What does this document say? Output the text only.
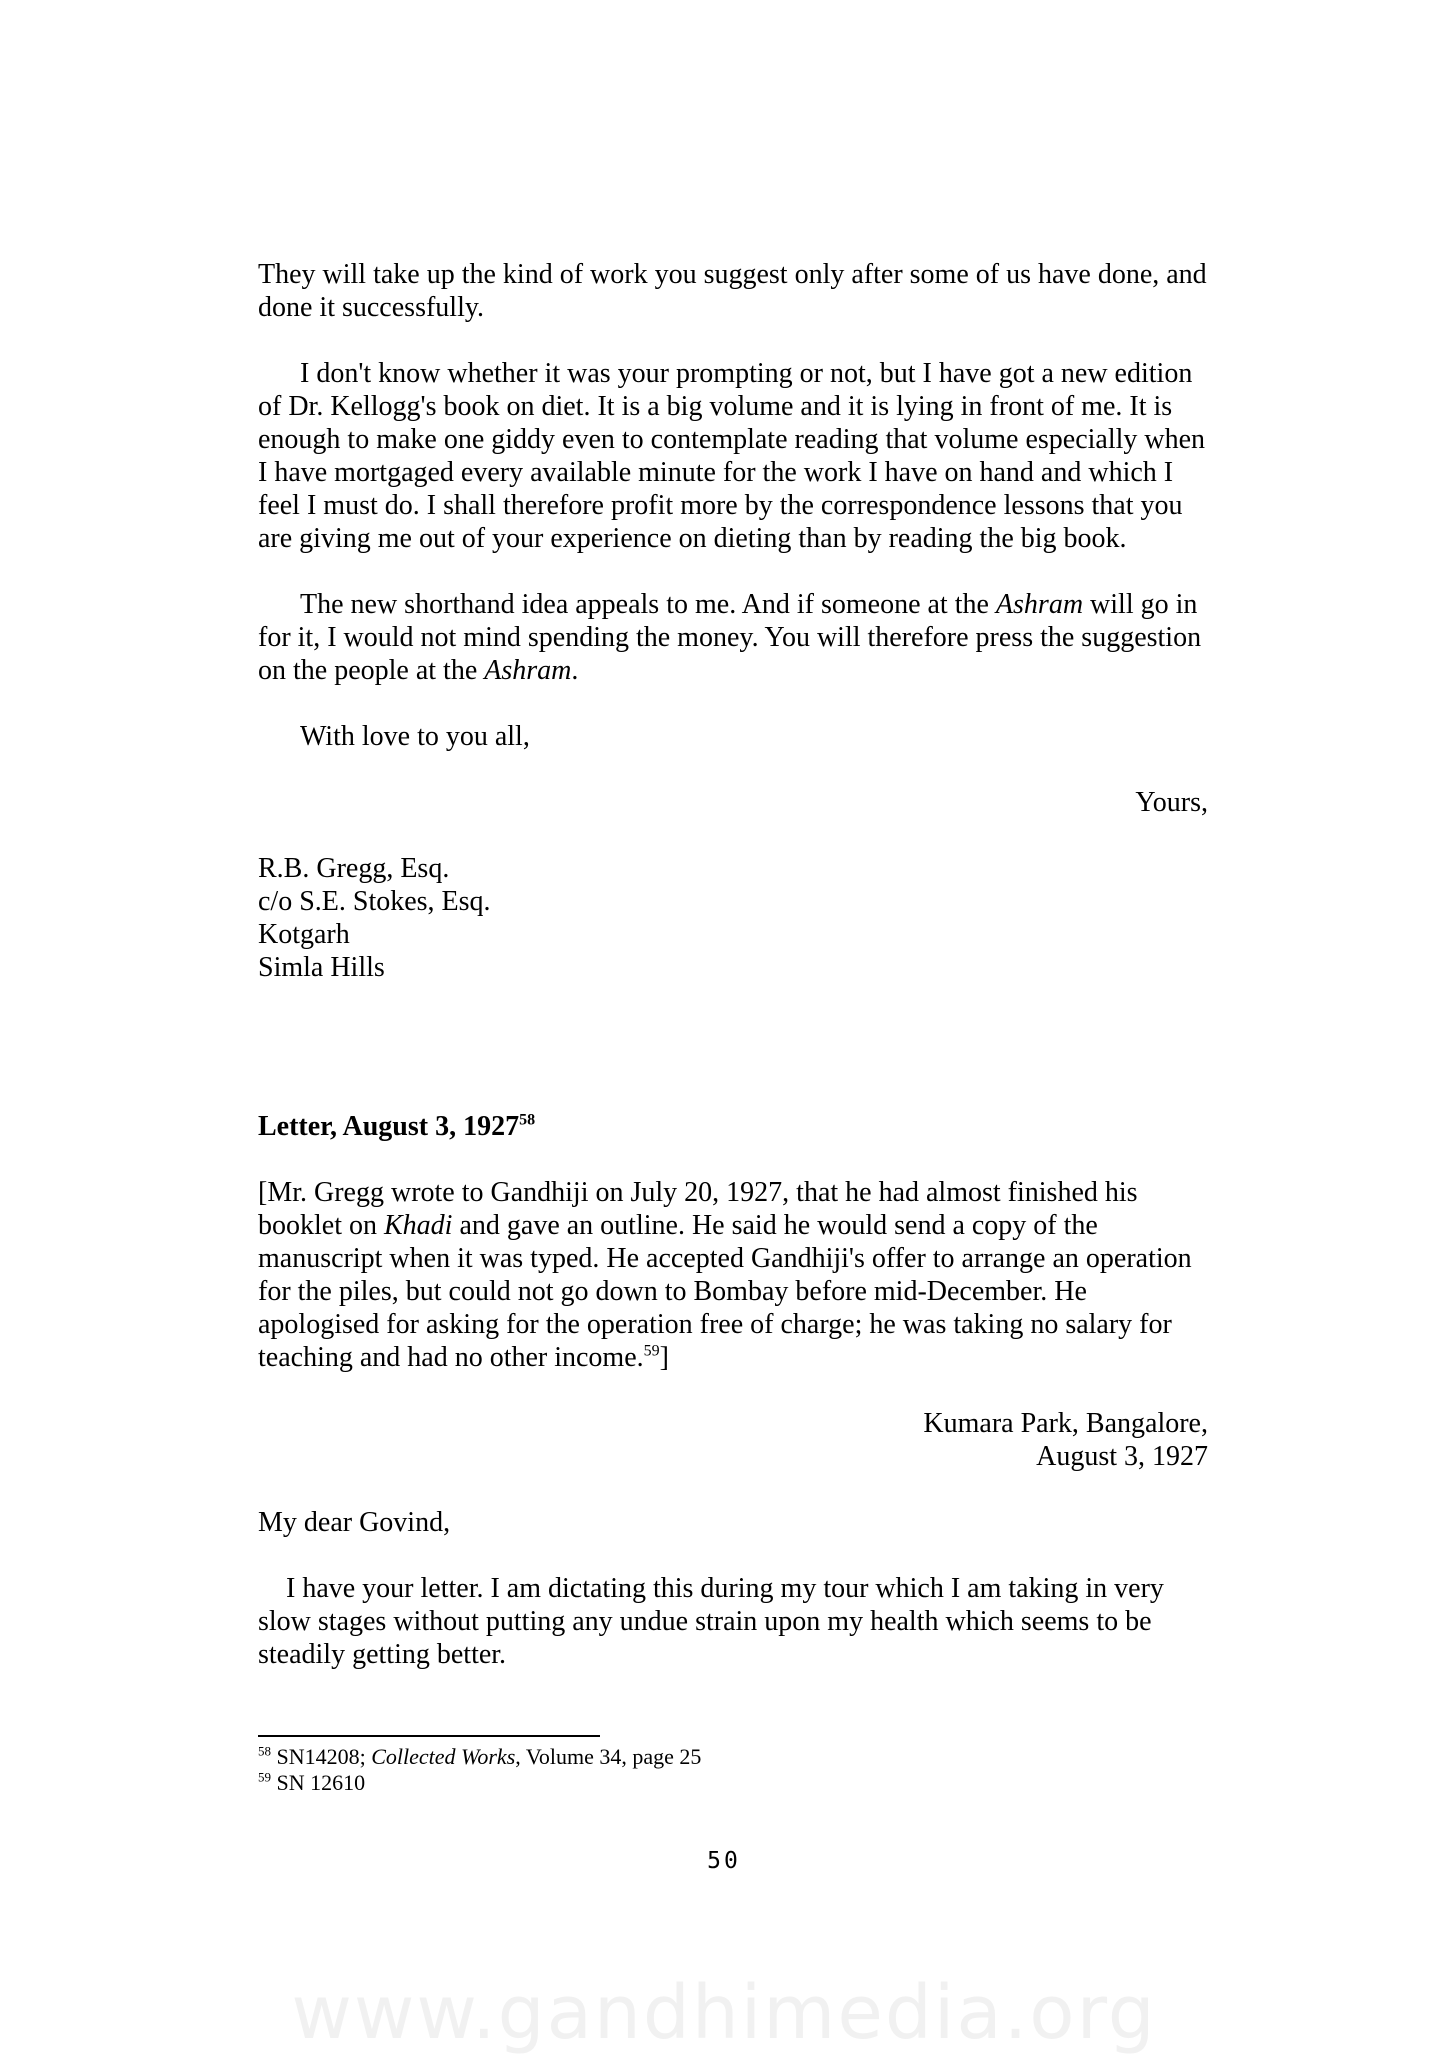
They will take up the kind of work you suggest only after some of us have done, and done it successfully.

I don't know whether it was your prompting or not, but I have got a new edition of Dr. Kellogg's book on diet. It is a big volume and it is lying in front of me. It is enough to make one giddy even to contemplate reading that volume especially when I have mortgaged every available minute for the work I have on hand and which I feel I must do. I shall therefore profit more by the correspondence lessons that you are giving me out of your experience on dieting than by reading the big book.

The new shorthand idea appeals to me. And if someone at the Ashram will go in for it, I would not mind spending the money. You will therefore press the suggestion on the people at the Ashram.

With love to you all,

Yours,

R.B. Gregg, Esq.
c/o S.E. Stokes, Esq.
Kotgarh
Simla Hills
Letter, August 3, 1927$^{58}$

[Mr. Gregg wrote to Gandhiji on July 20, 1927, that he had almost finished his booklet on Khadi and gave an outline. He said he would send a copy of the manuscript when it was typed. He accepted Gandhiji's offer to arrange an operation for the piles, but could not go down to Bombay before mid-December. He apologised for asking for the operation free of charge; he was taking no salary for teaching and had no other income.$^{59}$]

Kumara Park, Bangalore,
August 3, 1927

My dear Govind,

I have your letter. I am dictating this during my tour which I am taking in very slow stages without putting any undue strain upon my health which seems to be steadily getting better.

$^{58}$ SN14208; Collected Works, Volume 34, page 25
$^{59}$ SN 12610
50
www.gandhimedia.org
